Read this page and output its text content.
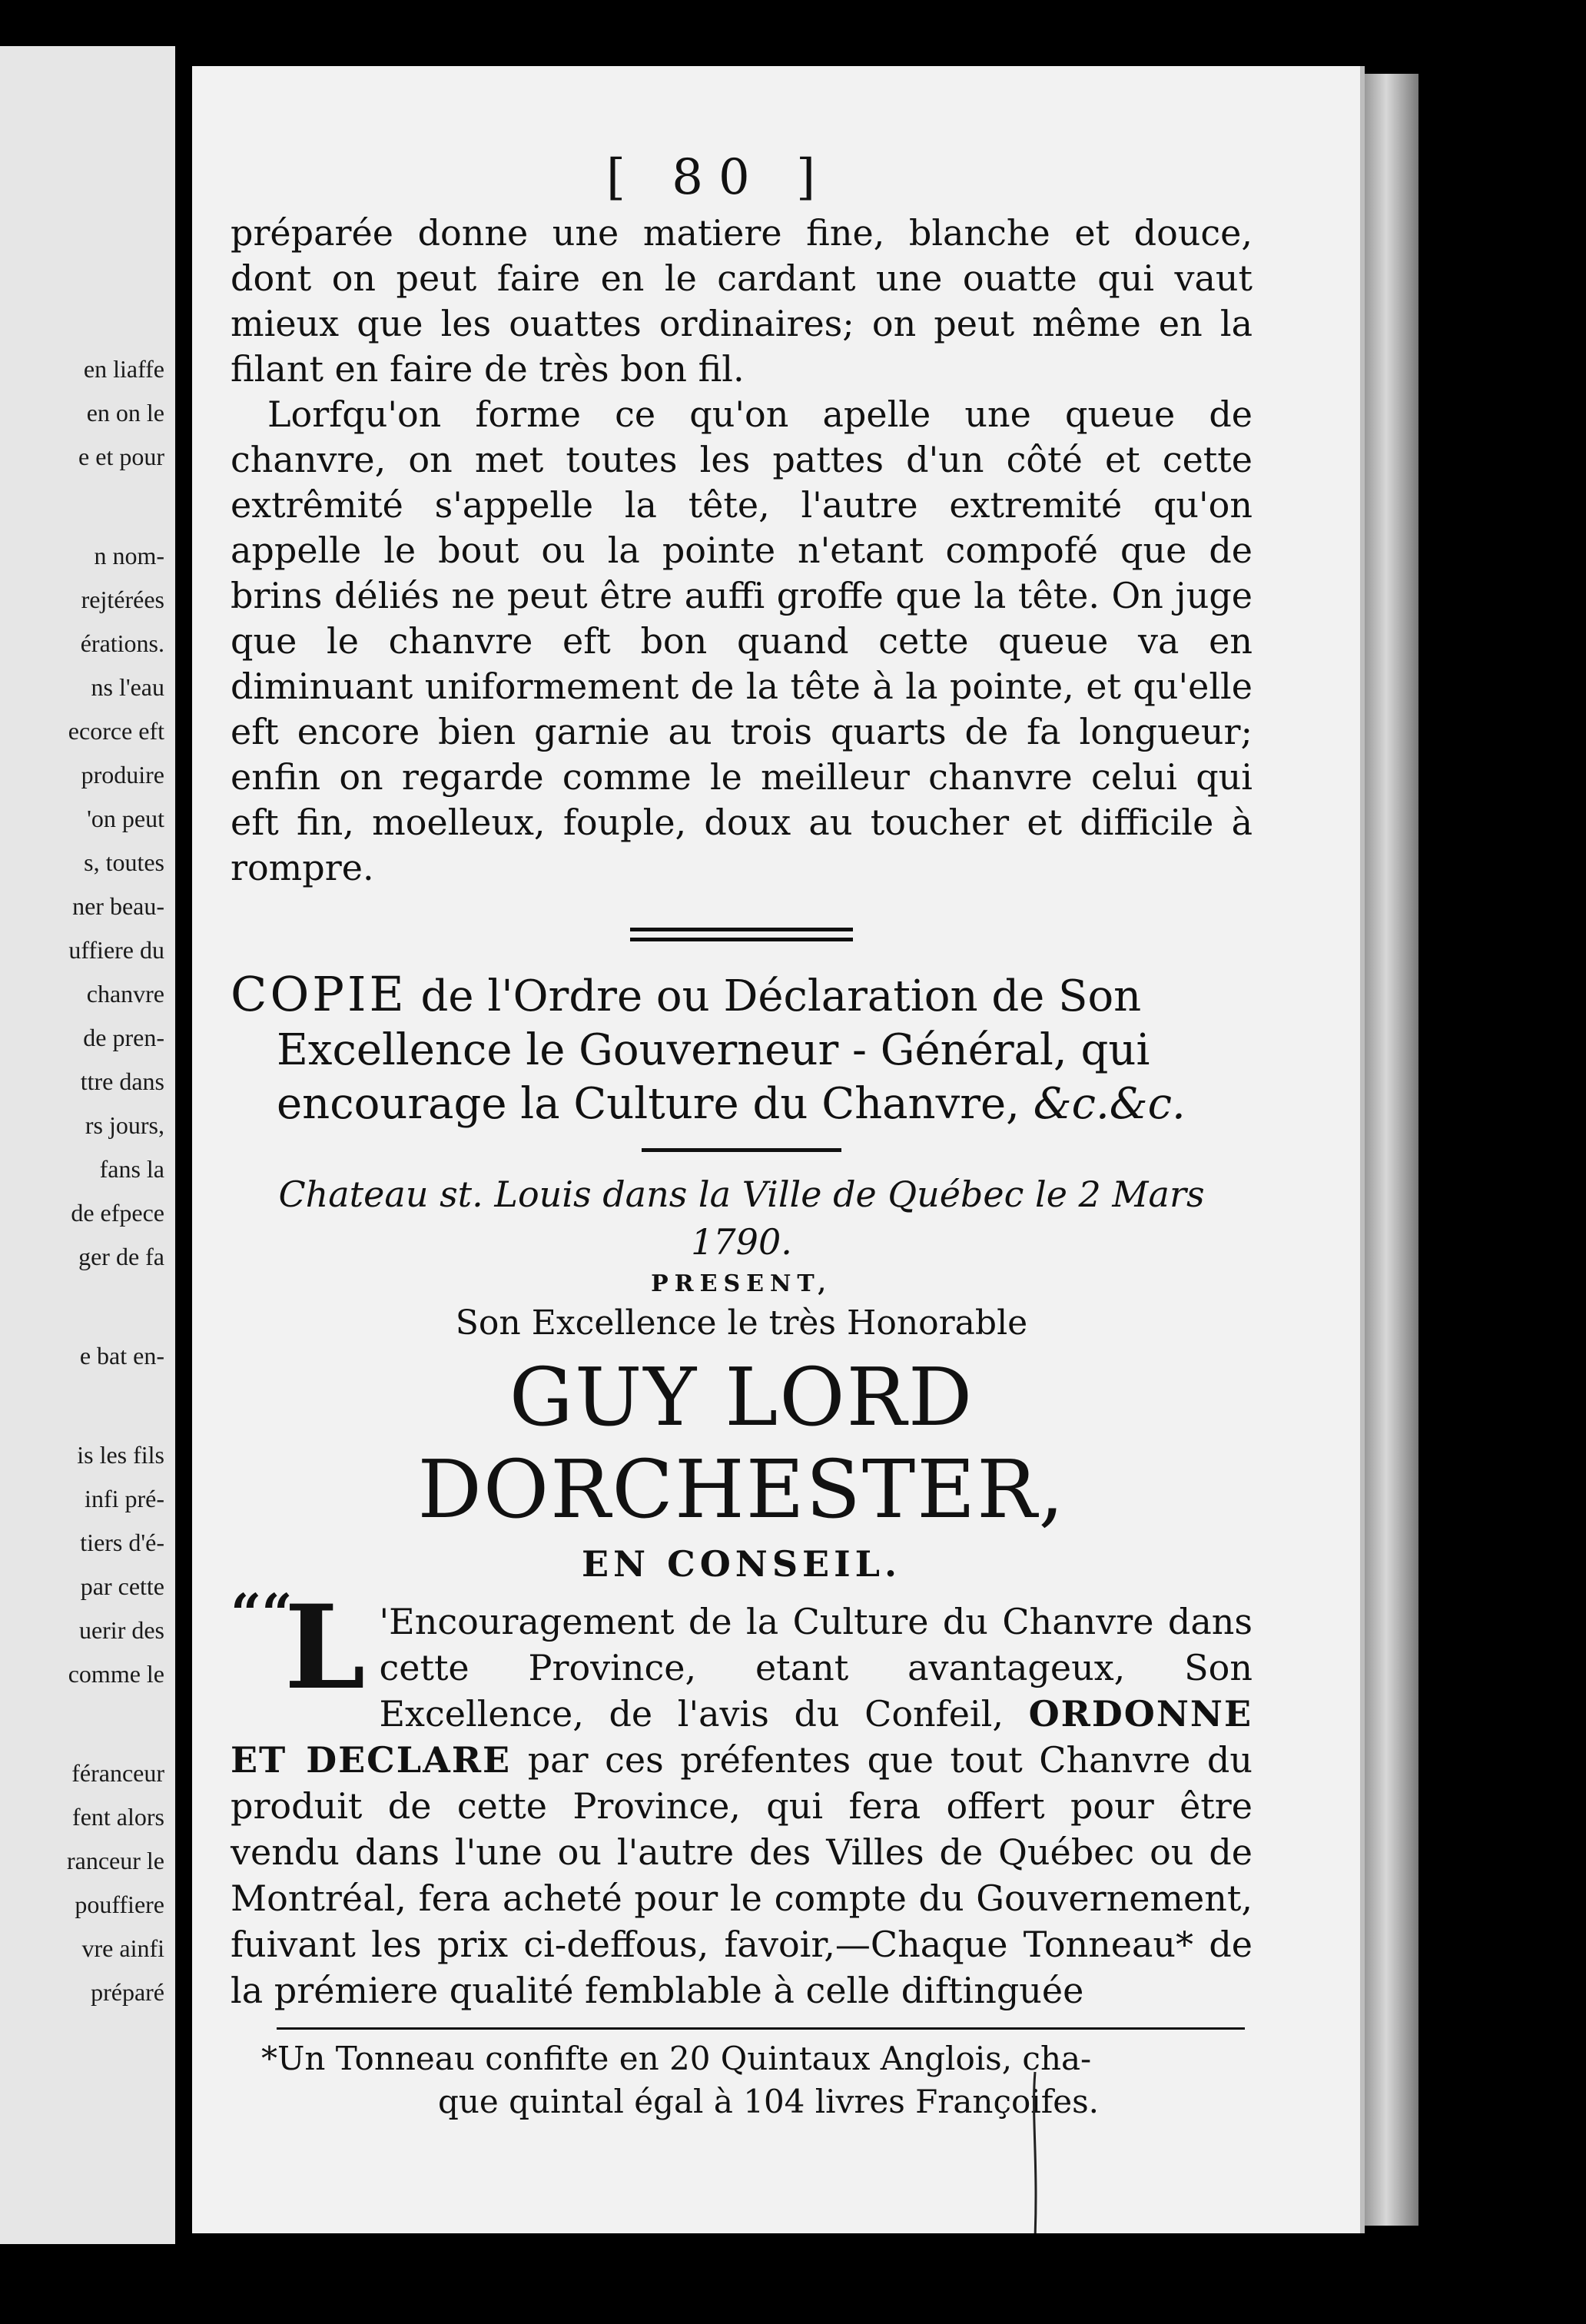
en liaffe
en on le
e et pour
n nom-
rejtérées
érations.
ns l'eau
ecorce eft
produire
'on peut
s, toutes
ner beau-
uffiere du
chanvre
de pren-
ttre dans
rs jours,
fans la
de efpece
ger de fa
e bat en-
is les fils
infi pré-
tiers d'é-
par cette
uerir des
comme le
féranceur
fent alors
ranceur le
pouffiere
vre ainfi
préparé
[ 80 ]

préparée donne une matiere fine, blanche et douce, dont on peut faire en le cardant une ouatte qui vaut mieux que les ouattes ordinaires; on peut même en la filant en faire de très bon fil.

Lorfqu'on forme ce qu'on apelle une queue de chanvre, on met toutes les pattes d'un côté et cette extrêmité s'appelle la tête, l'autre extremité qu'on appelle le bout ou la pointe n'etant compofé que de brins déliés ne peut être auffi groffe que la tête. On juge que le chanvre eft bon quand cette queue va en diminuant uniformement de la tête à la pointe, et qu'elle eft encore bien garnie au trois quarts de fa longueur; enfin on regarde comme le meilleur chanvre celui qui eft fin, moelleux, fouple, doux au toucher et difficile à rompre.

COPIE de l'Ordre ou Déclaration de Son
Excellence le Gouverneur - Général, qui
encourage la Culture du Chanvre, &c.&c.
Chateau st. Louis dans la Ville de Québec le 2 Mars 1790.
PRESENT,
Son Excellence le très Honorable
GUY LORD DORCHESTER,
EN CONSEIL.
““
L 'Encouragement de la Culture du Chanvre dans cette Province, etant avantageux, Son Excellence, de l'avis du Confeil, ORDONNE ET DECLARE par ces préfentes que tout Chanvre du produit de cette Province, qui fera offert pour être vendu dans l'une ou l'autre des Villes de Québec ou de Montréal, fera acheté pour le compte du Gouvernement, fuivant les prix ci-deffous, favoir,—Chaque Tonneau* de la prémiere qualité femblable à celle diftinguée
*Un Tonneau confifte en 20 Quintaux Anglois, cha-
que quintal égal à 104 livres Françoifes.
